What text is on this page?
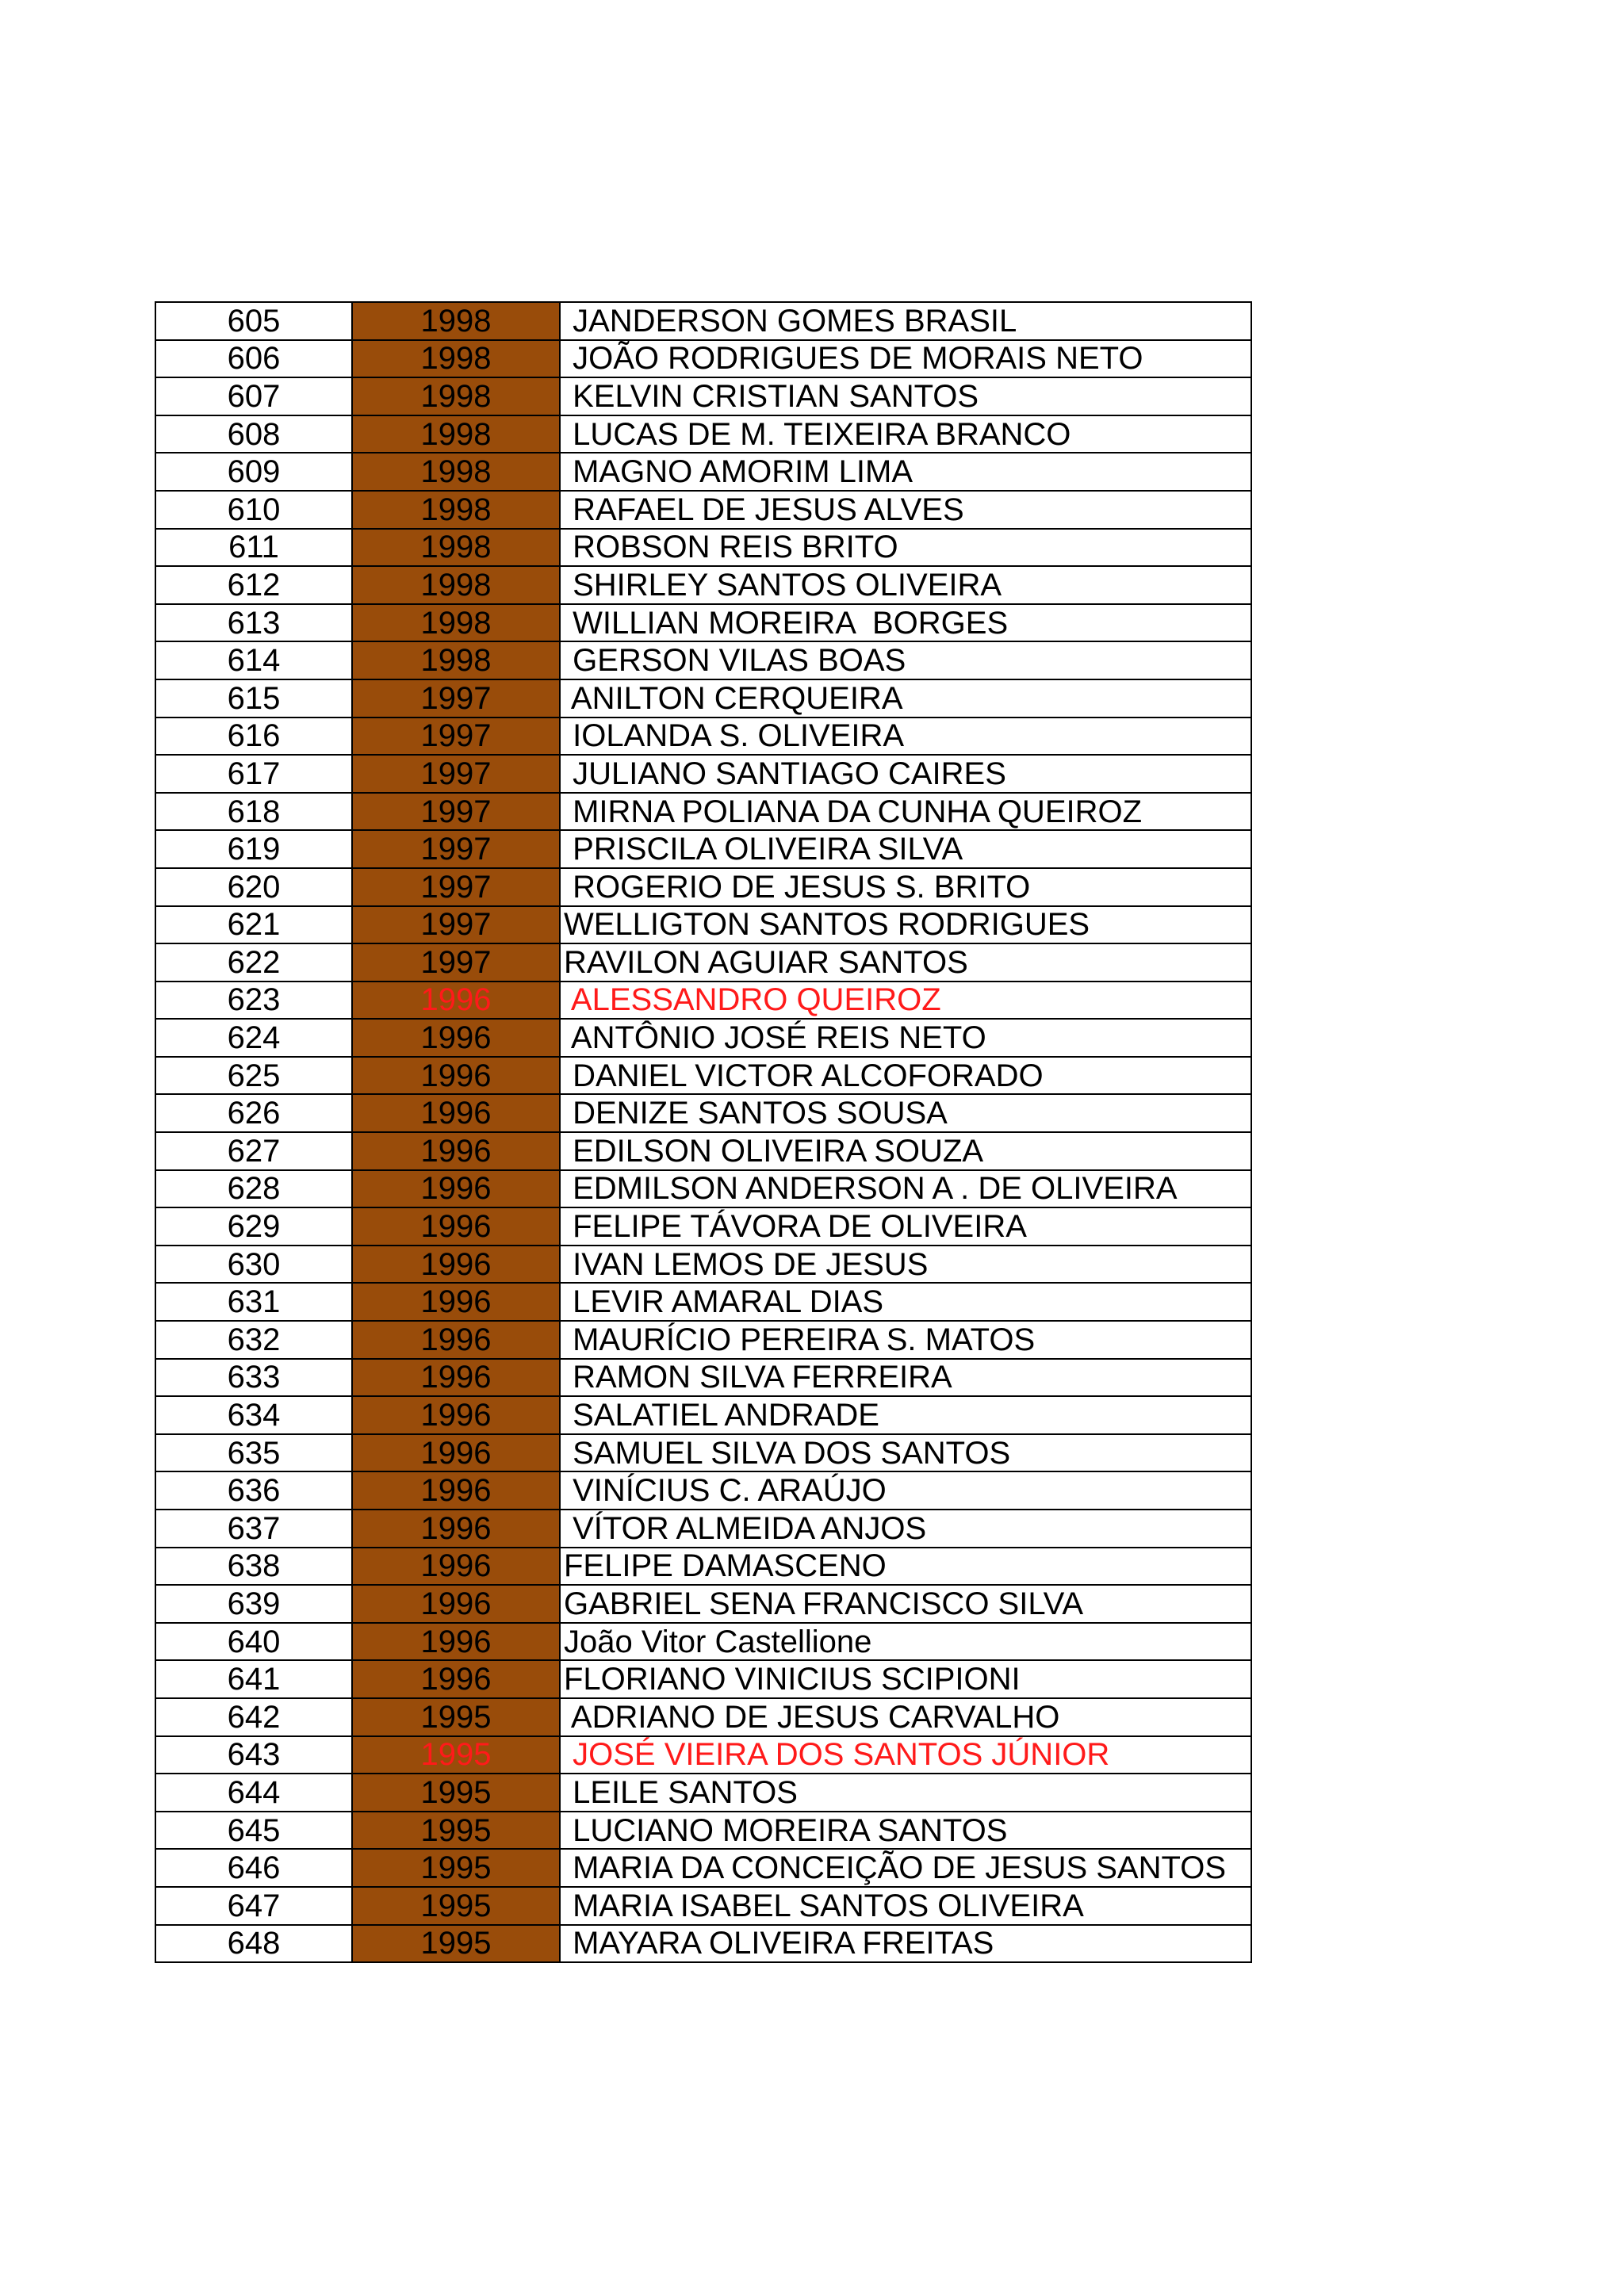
605	1998	JANDERSON GOMES BRASIL
606	1998	JOÃO RODRIGUES DE MORAIS NETO
607	1998	KELVIN CRISTIAN SANTOS
608	1998	LUCAS DE M. TEIXEIRA BRANCO
609	1998	MAGNO AMORIM LIMA
610	1998	RAFAEL DE JESUS ALVES
611	1998	ROBSON REIS BRITO
612	1998	SHIRLEY SANTOS OLIVEIRA
613	1998	WILLIAN MOREIRA  BORGES
614	1998	GERSON VILAS BOAS
615	1997	ANILTON CERQUEIRA
616	1997	IOLANDA S. OLIVEIRA
617	1997	JULIANO SANTIAGO CAIRES
618	1997	MIRNA POLIANA DA CUNHA QUEIROZ
619	1997	PRISCILA OLIVEIRA SILVA
620	1997	ROGERIO DE JESUS S. BRITO
621	1997	WELLIGTON SANTOS RODRIGUES
622	1997	RAVILON AGUIAR SANTOS
623	1996	ALESSANDRO QUEIROZ
624	1996	ANTÔNIO JOSÉ REIS NETO
625	1996	DANIEL VICTOR ALCOFORADO
626	1996	DENIZE SANTOS SOUSA
627	1996	EDILSON OLIVEIRA SOUZA
628	1996	EDMILSON ANDERSON A . DE OLIVEIRA
629	1996	FELIPE TÁVORA DE OLIVEIRA
630	1996	IVAN LEMOS DE JESUS
631	1996	LEVIR AMARAL DIAS
632	1996	MAURÍCIO PEREIRA S. MATOS
633	1996	RAMON SILVA FERREIRA
634	1996	SALATIEL ANDRADE
635	1996	SAMUEL SILVA DOS SANTOS
636	1996	VINÍCIUS C. ARAÚJO
637	1996	VÍTOR ALMEIDA ANJOS
638	1996	FELIPE DAMASCENO
639	1996	GABRIEL SENA FRANCISCO SILVA
640	1996	João Vitor Castellione
641	1996	FLORIANO VINICIUS SCIPIONI
642	1995	ADRIANO DE JESUS CARVALHO
643	1995	JOSÉ VIEIRA DOS SANTOS JÚNIOR
644	1995	LEILE SANTOS
645	1995	LUCIANO MOREIRA SANTOS
646	1995	MARIA DA CONCEIÇÃO DE JESUS SANTOS
647	1995	MARIA ISABEL SANTOS OLIVEIRA
648	1995	MAYARA OLIVEIRA FREITAS
